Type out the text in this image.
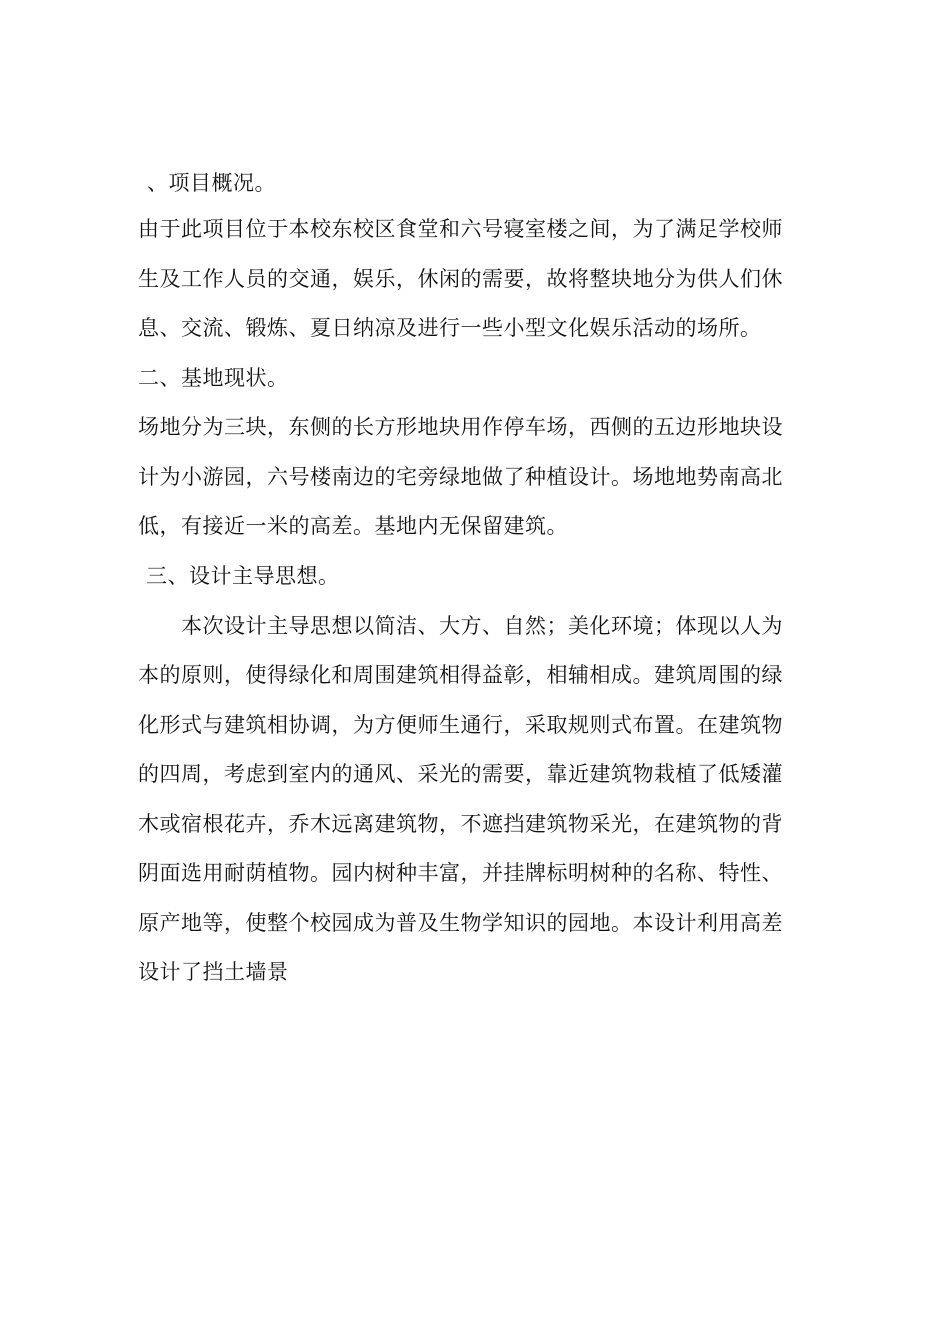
、项目概况。
由于此项目位于本校东校区食堂和六号寝室楼之间，为了满足学校师
生及工作人员的交通，娱乐，休闲的需要，故将整块地分为供人们休
息、交流、锻炼、夏日纳凉及进行一些小型文化娱乐活动的场所。
二、基地现状。
场地分为三块，东侧的长方形地块用作停车场，西侧的五边形地块设
计为小游园，六号楼南边的宅旁绿地做了种植设计。场地地势南高北
低，有接近一米的高差。基地内无保留建筑。
三、设计主导思想。
　　本次设计主导思想以简洁、大方、自然；美化环境；体现以人为
本的原则，使得绿化和周围建筑相得益彰，相辅相成。建筑周围的绿
化形式与建筑相协调，为方便师生通行，采取规则式布置。在建筑物
的四周，考虑到室内的通风、采光的需要，靠近建筑物栽植了低矮灌
木或宿根花卉，乔木远离建筑物，不遮挡建筑物采光，在建筑物的背
阴面选用耐荫植物。园内树种丰富，并挂牌标明树种的名称、特性、
原产地等，使整个校园成为普及生物学知识的园地。本设计利用高差
设计了挡土墙景
